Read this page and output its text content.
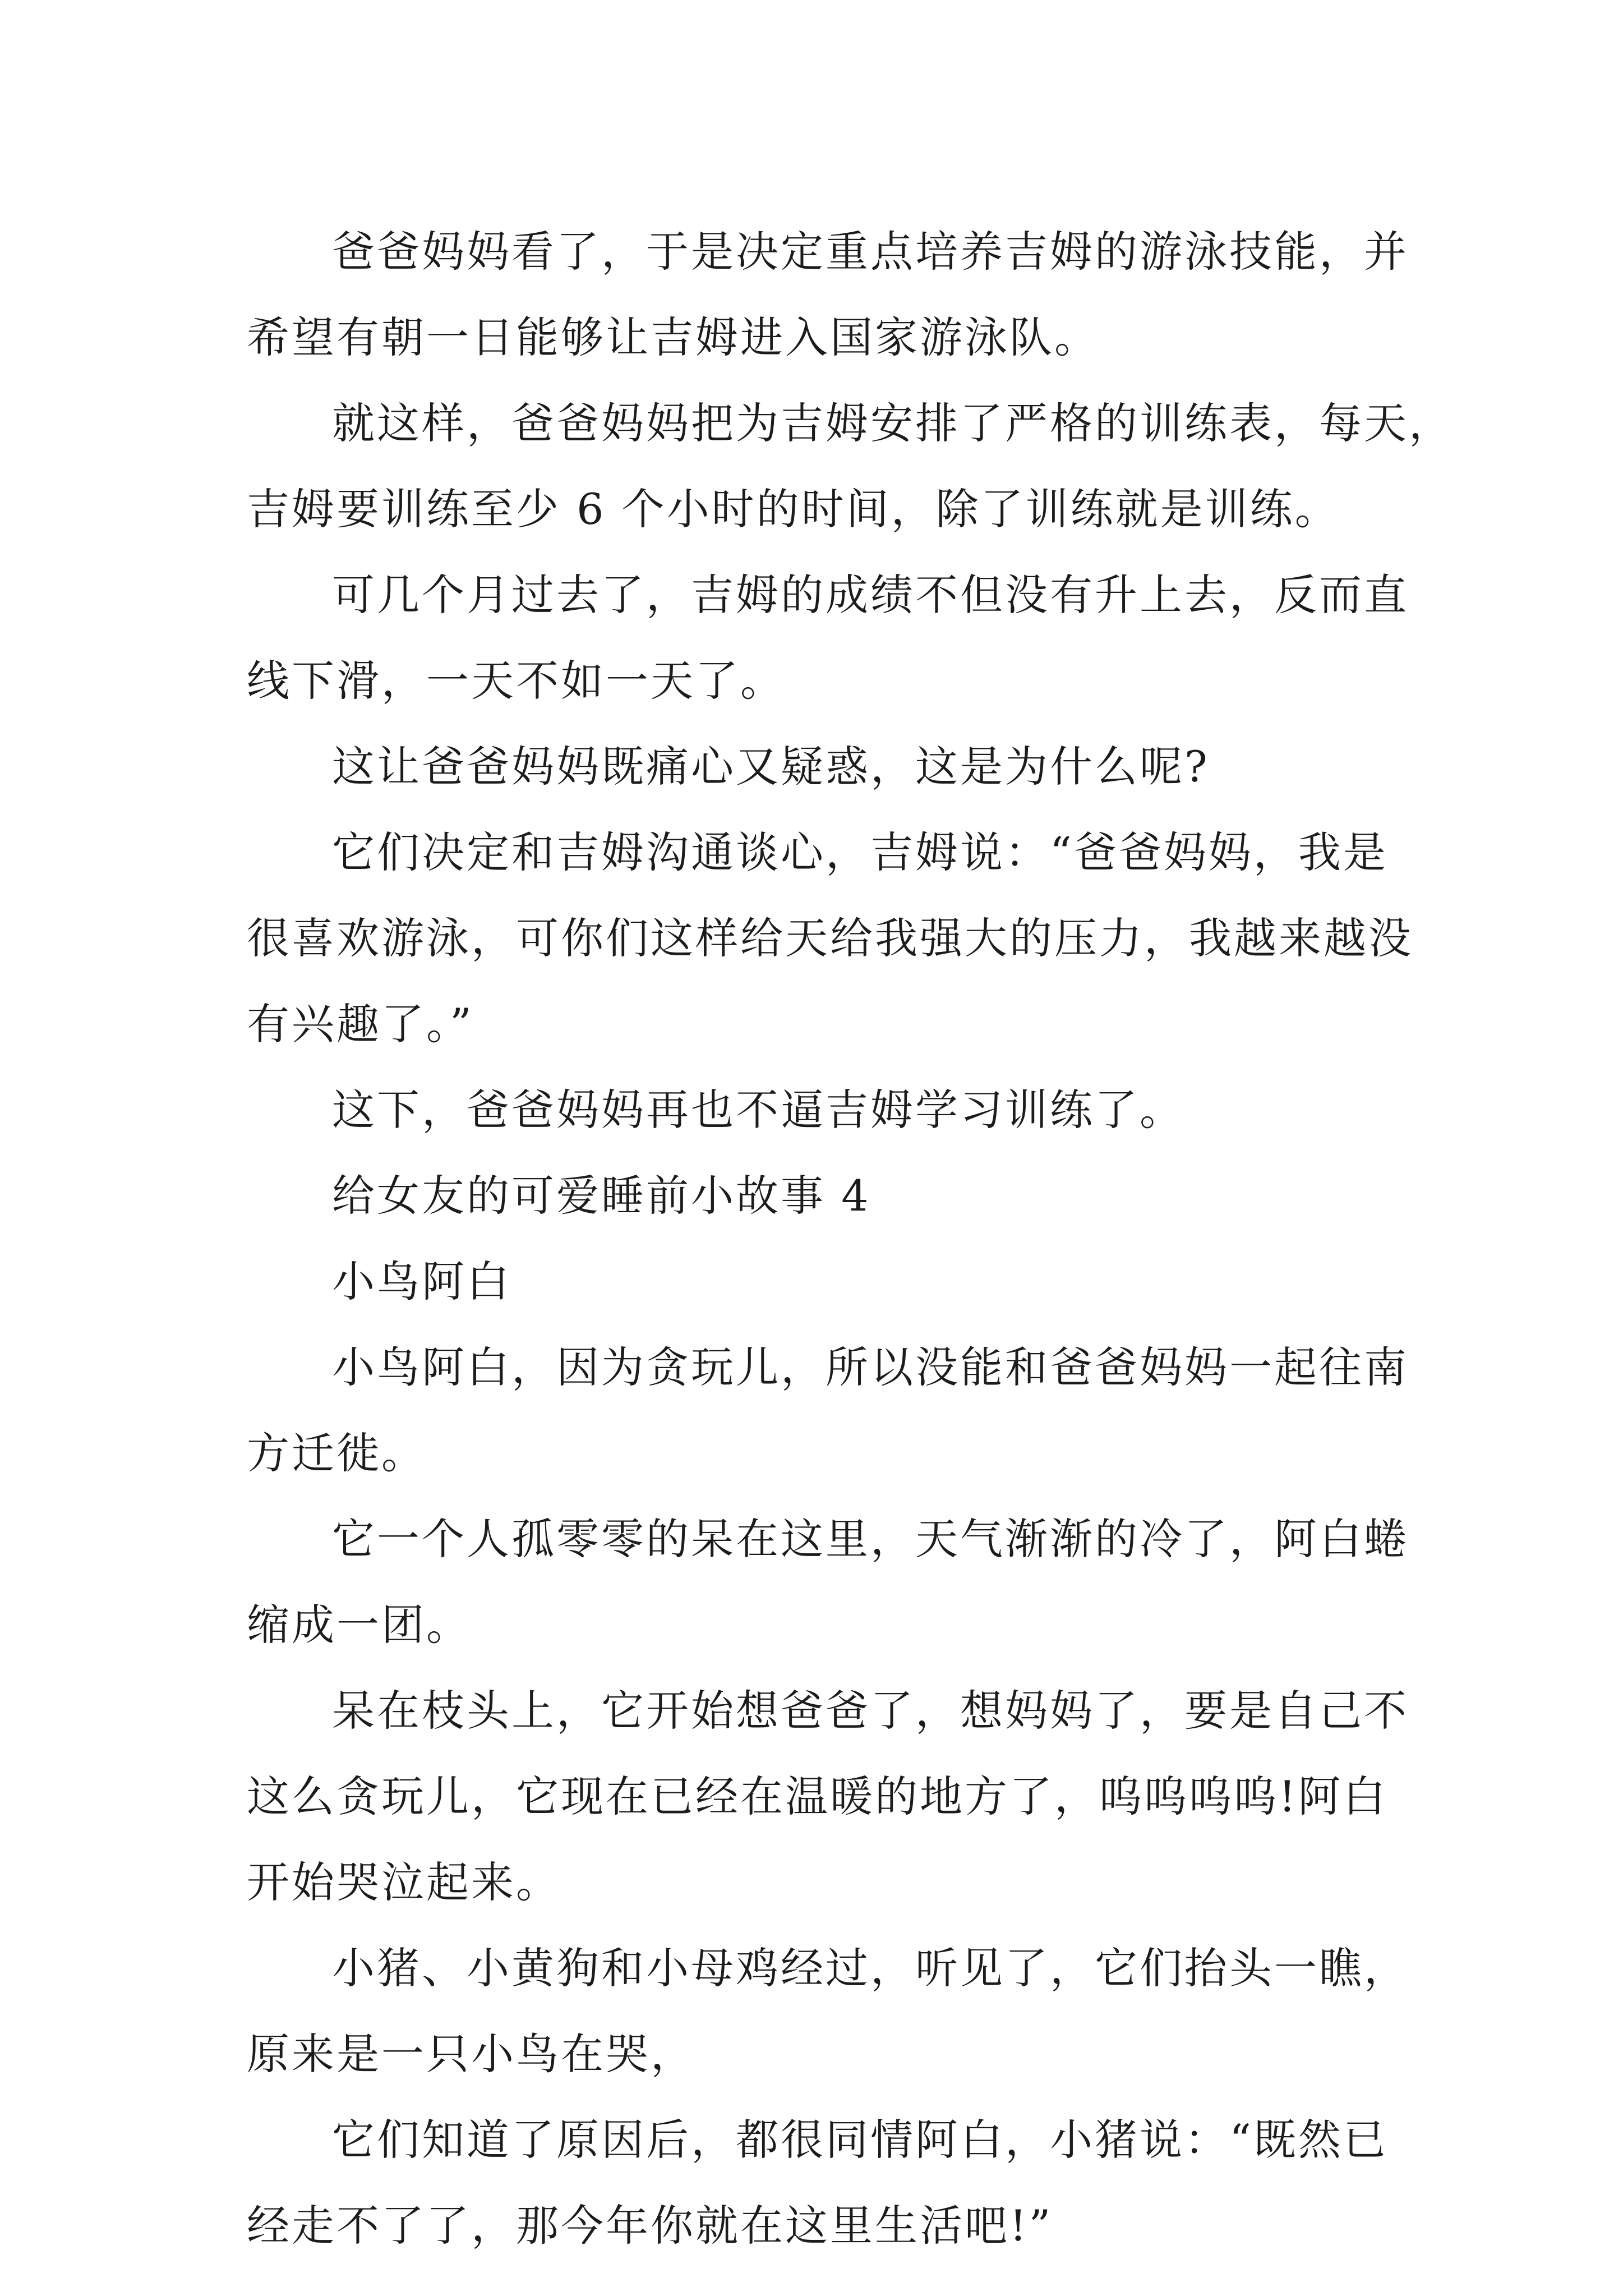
爸爸妈妈看了，于是决定重点培养吉姆的游泳技能，并
希望有朝一日能够让吉姆进入国家游泳队。

就这样，爸爸妈妈把为吉姆安排了严格的训练表，每天，
吉姆要训练至少 6 个小时的时间，除了训练就是训练。

可几个月过去了，吉姆的成绩不但没有升上去，反而直
线下滑，一天不如一天了。

这让爸爸妈妈既痛心又疑惑，这是为什么呢?

它们决定和吉姆沟通谈心，吉姆说：“爸爸妈妈，我是
很喜欢游泳，可你们这样给天给我强大的压力，我越来越没
有兴趣了。”

这下，爸爸妈妈再也不逼吉姆学习训练了。

给女友的可爱睡前小故事 4

小鸟阿白

小鸟阿白，因为贪玩儿，所以没能和爸爸妈妈一起往南
方迁徙。

它一个人孤零零的呆在这里，天气渐渐的冷了，阿白蜷
缩成一团。

呆在枝头上，它开始想爸爸了，想妈妈了，要是自己不
这么贪玩儿，它现在已经在温暖的地方了，呜呜呜呜!阿白
开始哭泣起来。

小猪、小黄狗和小母鸡经过，听见了，它们抬头一瞧，
原来是一只小鸟在哭，

它们知道了原因后，都很同情阿白，小猪说：“既然已
经走不了了，那今年你就在这里生活吧!”
